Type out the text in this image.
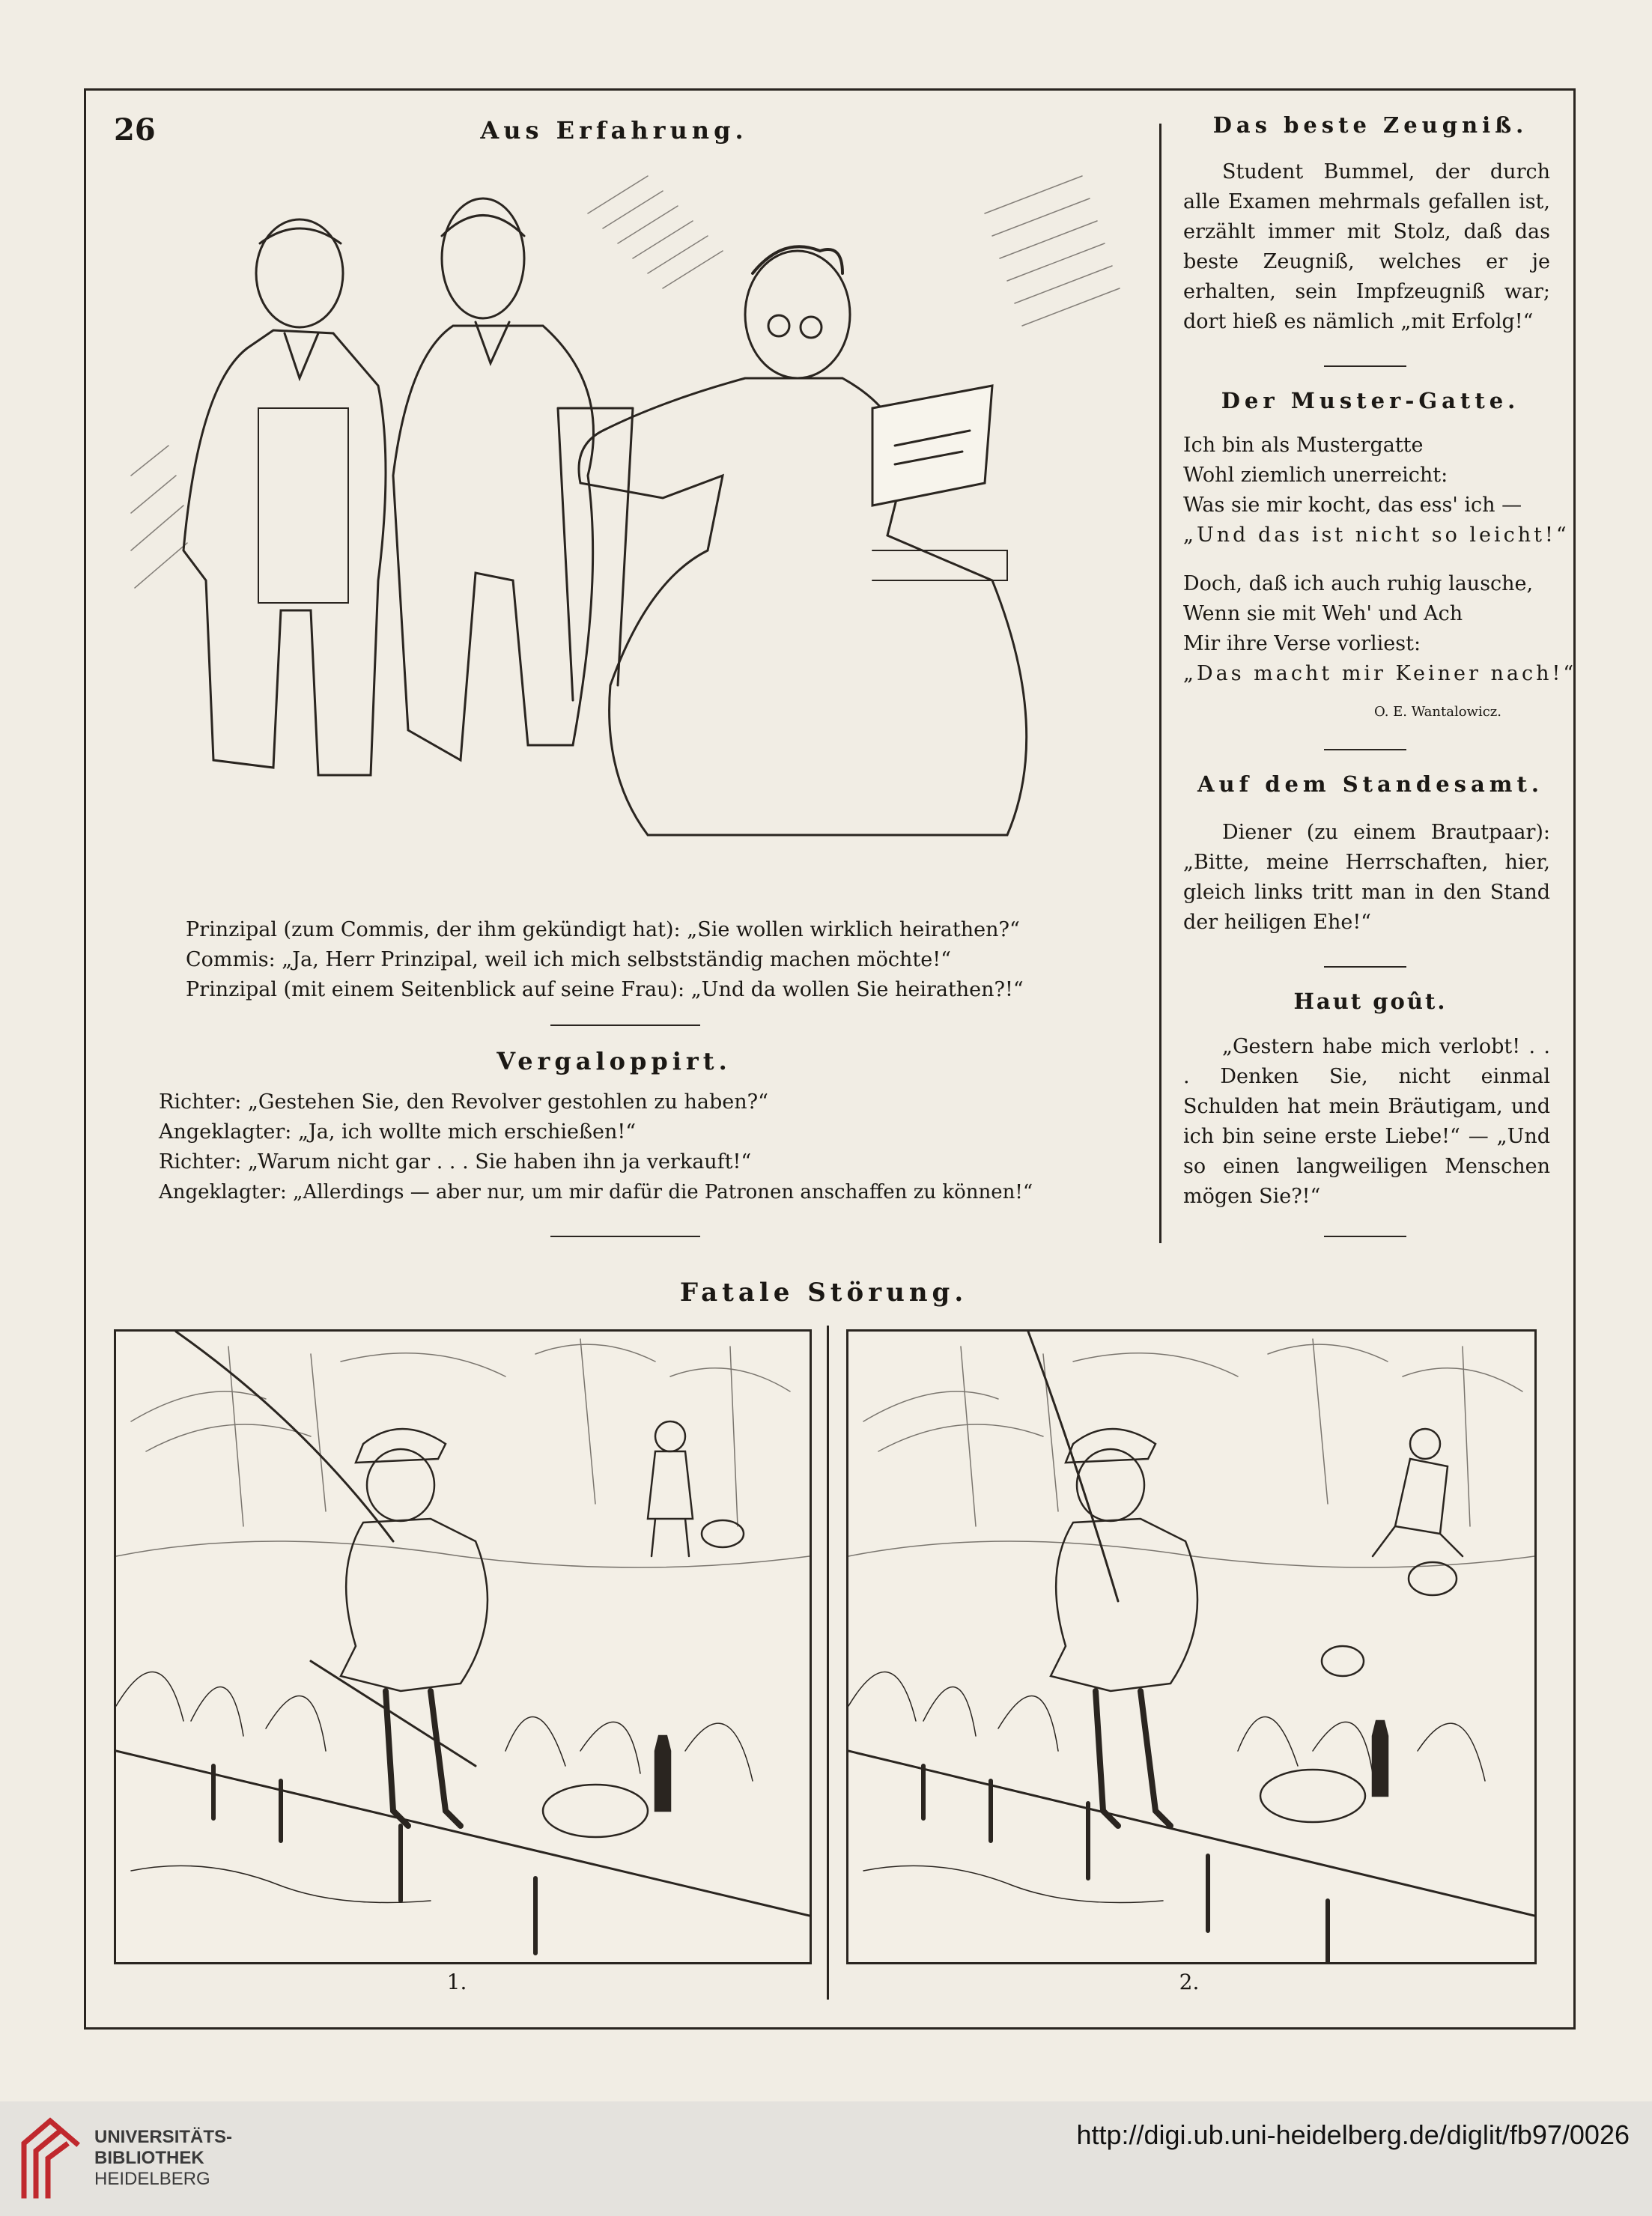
26	Aus Erfahrung.
Prinzipal (zum Commis, der ihm gekündigt hat): „Sie wollen wirklich heirathen?“
Commis: „Ja, Herr Prinzipal, weil ich mich selbstständig machen möchte!“
Prinzipal (mit einem Seitenblick auf seine Frau): „Und da wollen Sie heirathen?!“
Vergaloppirt.
Richter: „Gestehen Sie, den Revolver gestohlen zu haben?“
Angeklagter: „Ja, ich wollte mich erschießen!“
Richter: „Warum nicht gar . . . Sie haben ihn ja verkauft!“
Angeklagter: „Allerdings — aber nur, um mir dafür die Patronen anschaffen zu können!“
Das beste Zeugniß.
Student Bummel, der durch alle Examen mehrmals gefallen ist, erzählt immer mit Stolz, daß das beste Zeugniß, welches er je erhalten, sein Impfzeugniß war; dort hieß es nämlich „mit Erfolg!“
Der Muster-Gatte.
Ich bin als Mustergatte
Wohl ziemlich unerreicht:
Was sie mir kocht, das ess' ich —
„Und das ist nicht so leicht!“
Doch, daß ich auch ruhig lausche,
Wenn sie mit Weh' und Ach
Mir ihre Verse vorliest:
„Das macht mir Keiner nach!“
O. E. Wantalowicz.
Auf dem Standesamt.
Diener (zu einem Brautpaar): „Bitte, meine Herrschaften, hier, gleich links tritt man in den Stand der heiligen Ehe!“
Haut goût.
„Gestern habe mich verlobt! . . . Denken Sie, nicht einmal Schulden hat mein Bräutigam, und ich bin seine erste Liebe!“ — „Und so einen langweiligen Menschen mögen Sie?!“
Fatale Störung.
1.	2.
UNIVERSITÄTS-
BIBLIOTHEK
HEIDELBERG
http://digi.ub.uni-heidelberg.de/diglit/fb97/0026
